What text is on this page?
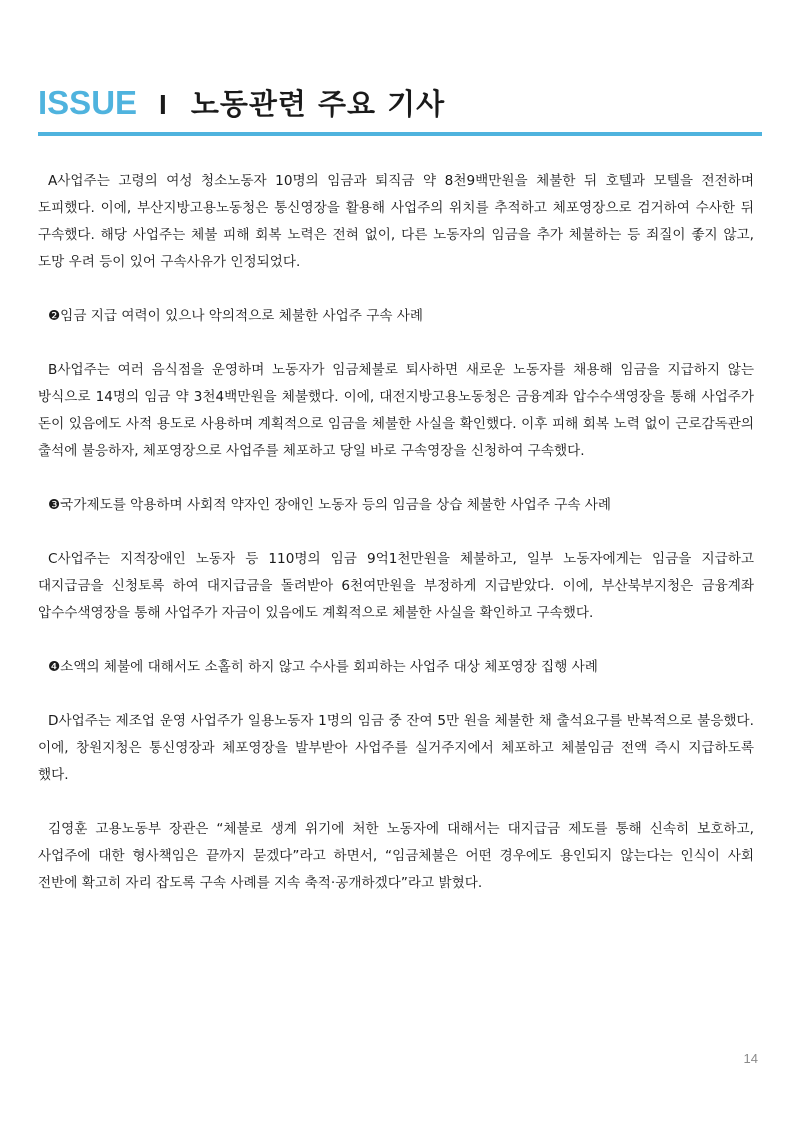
ISSUE I 노동관련 주요 기사

A사업주는 고령의 여성 청소노동자 10명의 임금과 퇴직금 약 8천9백만원을 체불한 뒤 호텔과 모텔을 전전하며 도피했다. 이에, 부산지방고용노동청은 통신영장을 활용해 사업주의 위치를 추적하고 체포영장으로 검거하여 수사한 뒤 구속했다. 해당 사업주는 체불 피해 회복 노력은 전혀 없이, 다른 노동자의 임금을 추가 체불하는 등 죄질이 좋지 않고, 도망 우려 등이 있어 구속사유가 인정되었다.

❷임금 지급 여력이 있으나 악의적으로 체불한 사업주 구속 사례

B사업주는 여러 음식점을 운영하며 노동자가 임금체불로 퇴사하면 새로운 노동자를 채용해 임금을 지급하지 않는 방식으로 14명의 임금 약 3천4백만원을 체불했다. 이에, 대전지방고용노동청은 금융계좌 압수수색영장을 통해 사업주가 돈이 있음에도 사적 용도로 사용하며 계획적으로 임금을 체불한 사실을 확인했다. 이후 피해 회복 노력 없이 근로감독관의 출석에 불응하자, 체포영장으로 사업주를 체포하고 당일 바로 구속영장을 신청하여 구속했다.

❸국가제도를 악용하며 사회적 약자인 장애인 노동자 등의 임금을 상습 체불한 사업주 구속 사례

C사업주는 지적장애인 노동자 등 110명의 임금 9억1천만원을 체불하고, 일부 노동자에게는 임금을 지급하고 대지급금을 신청토록 하여 대지급금을 돌려받아 6천여만원을 부정하게 지급받았다. 이에, 부산북부지청은 금융계좌 압수수색영장을 통해 사업주가 자금이 있음에도 계획적으로 체불한 사실을 확인하고 구속했다.

❹소액의 체불에 대해서도 소홀히 하지 않고 수사를 회피하는 사업주 대상 체포영장 집행 사례

D사업주는 제조업 운영 사업주가 일용노동자 1명의 임금 중 잔여 5만 원을 체불한 채 출석요구를 반복적으로 불응했다. 이에, 창원지청은 통신영장과 체포영장을 발부받아 사업주를 실거주지에서 체포하고 체불임금 전액 즉시 지급하도록 했다.

김영훈 고용노동부 장관은 “체불로 생계 위기에 처한 노동자에 대해서는 대지급금 제도를 통해 신속히 보호하고, 사업주에 대한 형사책임은 끝까지 묻겠다”라고 하면서, “임금체불은 어떤 경우에도 용인되지 않는다는 인식이 사회 전반에 확고히 자리 잡도록 구속 사례를 지속 축적·공개하겠다”라고 밝혔다.

14
